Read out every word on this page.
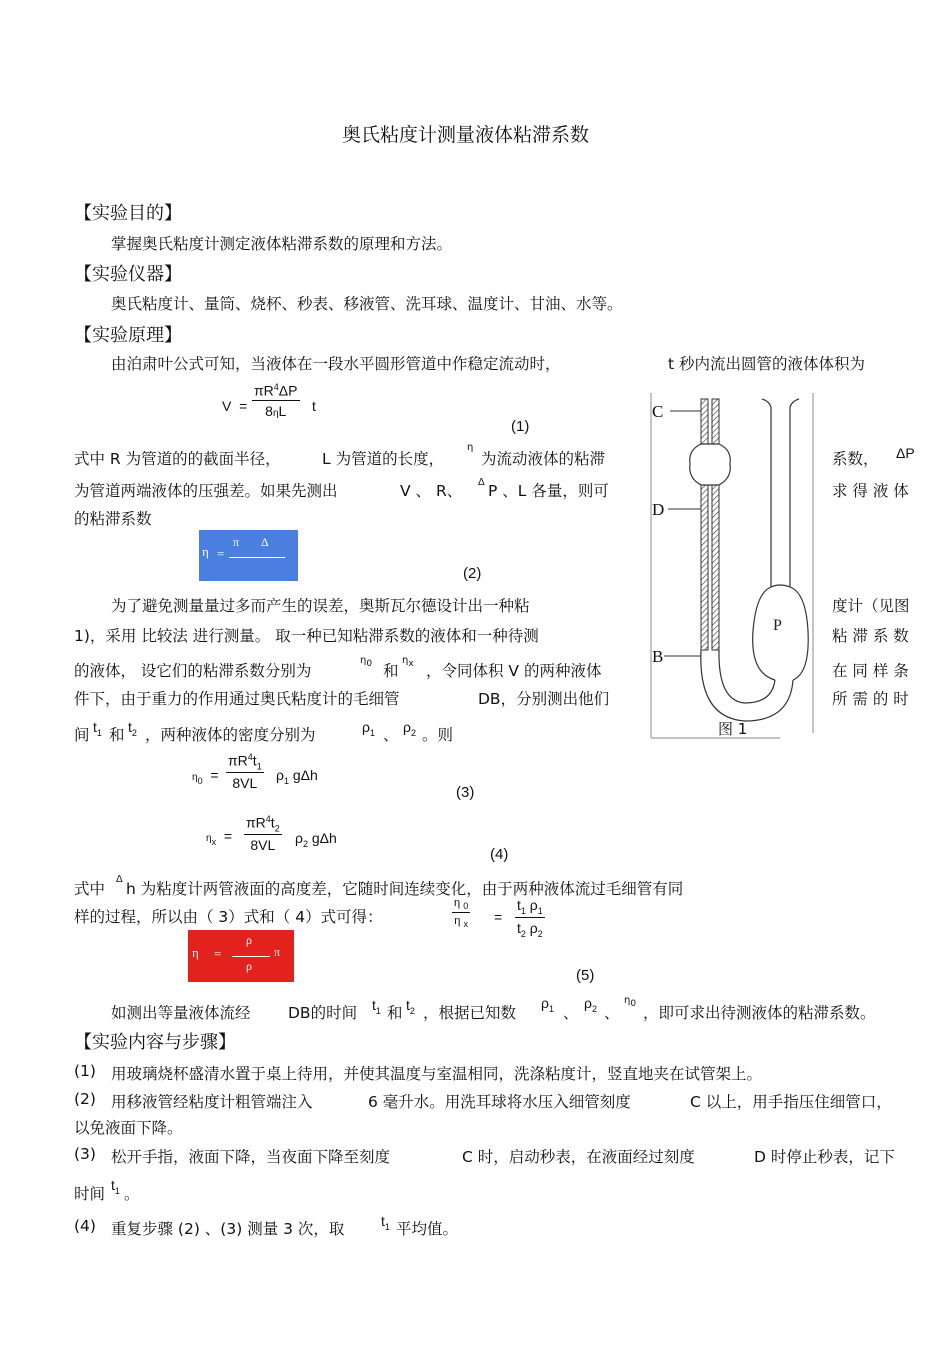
奥氏粘度计测量液体粘滞系数
【实验目的】
掌握奥氏粘度计测定液体粘滞系数的原理和方法。
【实验仪器】
奥氏粘度计、量筒、烧杯、秒表、移液管、洗耳球、温度计、甘油、水等。
【实验原理】
由泊肃叶公式可知，当液体在一段水平圆形管道中作稳定流动时，	t 秒内流出圆管的液体体积为
$V = \frac{\pi R^4\Delta P}{8\eta L}$ t
(1)
式中 R 为管道的的截面半径，	L 为管道的长度，
η
为流动液体的粘滞	系数， ΔP
为管道两端液体的压强差。如果先测出	V 、 R、 Δ P 、L 各量，则可	求 得 液 体
的粘滞系数
η =
π Δ
(2)
为了避免测量量过多而产生的误差，奥斯瓦尔德设计出一种粘	度计（见图
1)，采用 比较法 进行测量。 取一种已知粘滞系数的液体和一种待测	粘 滞 系 数
的液体， 设它们的粘滞系数分别为
$\eta_0$ 和
$\eta_x$ ，令同体积 V 的两种液体	在 同 样 条
件下，由于重力的作用通过奥氏粘度计的毛细管	DB，分别测出他们	所 需 的 时
间 $t_1$ 和 $t_2$ ，两种液体的密度分别为	$\rho_1$ 、 $\rho_2$ 。则
$\eta_0 = \frac{\pi R^4t_1}{8VL} \rho_1$ gΔh
(3)
$\eta_x = \frac{\pi R^4t_2}{8VL} \rho_2$ gΔh
(4)
式中
Δ
h 为粘度计两管液面的高度差，它随时间连续变化，由于两种液体流过毛细管有同
样的过程，所以由（ 3）式和（ 4）式可得：	$\frac{\eta _0}{\eta _x} = \frac{t_1 \rho_1}{t_2 \rho_2}$
η =
ρ
ρ
π
(5)
如测出等量液体流经 DB的时间 $t_1$ 和 $t_2$ ，根据已知数
$\rho_1$ 、
$\rho_2$ 、
$\eta_0$ ，即可求出待测液体的粘滞系数。
【实验内容与步骤】
(1) 用玻璃烧杯盛清水置于桌上待用，并使其温度与室温相同，洗涤粘度计，竖直地夹在试管架上。
(2) 用移液管经粘度计粗管端注入	6 毫升水。用洗耳球将水压入细管刻度	C 以上，用手指压住细管口，
以免液面下降。
(3) 松开手指，液面下降，当夜面下降至刻度	C 时，启动秒表，在液面经过刻度	D 时停止秒表，记下
时间 $t_1$ 。
(4) 重复步骤 (2) 、(3) 测量 3 次，取	$t_1$ 平均值。
P
C
D
B
图 1
